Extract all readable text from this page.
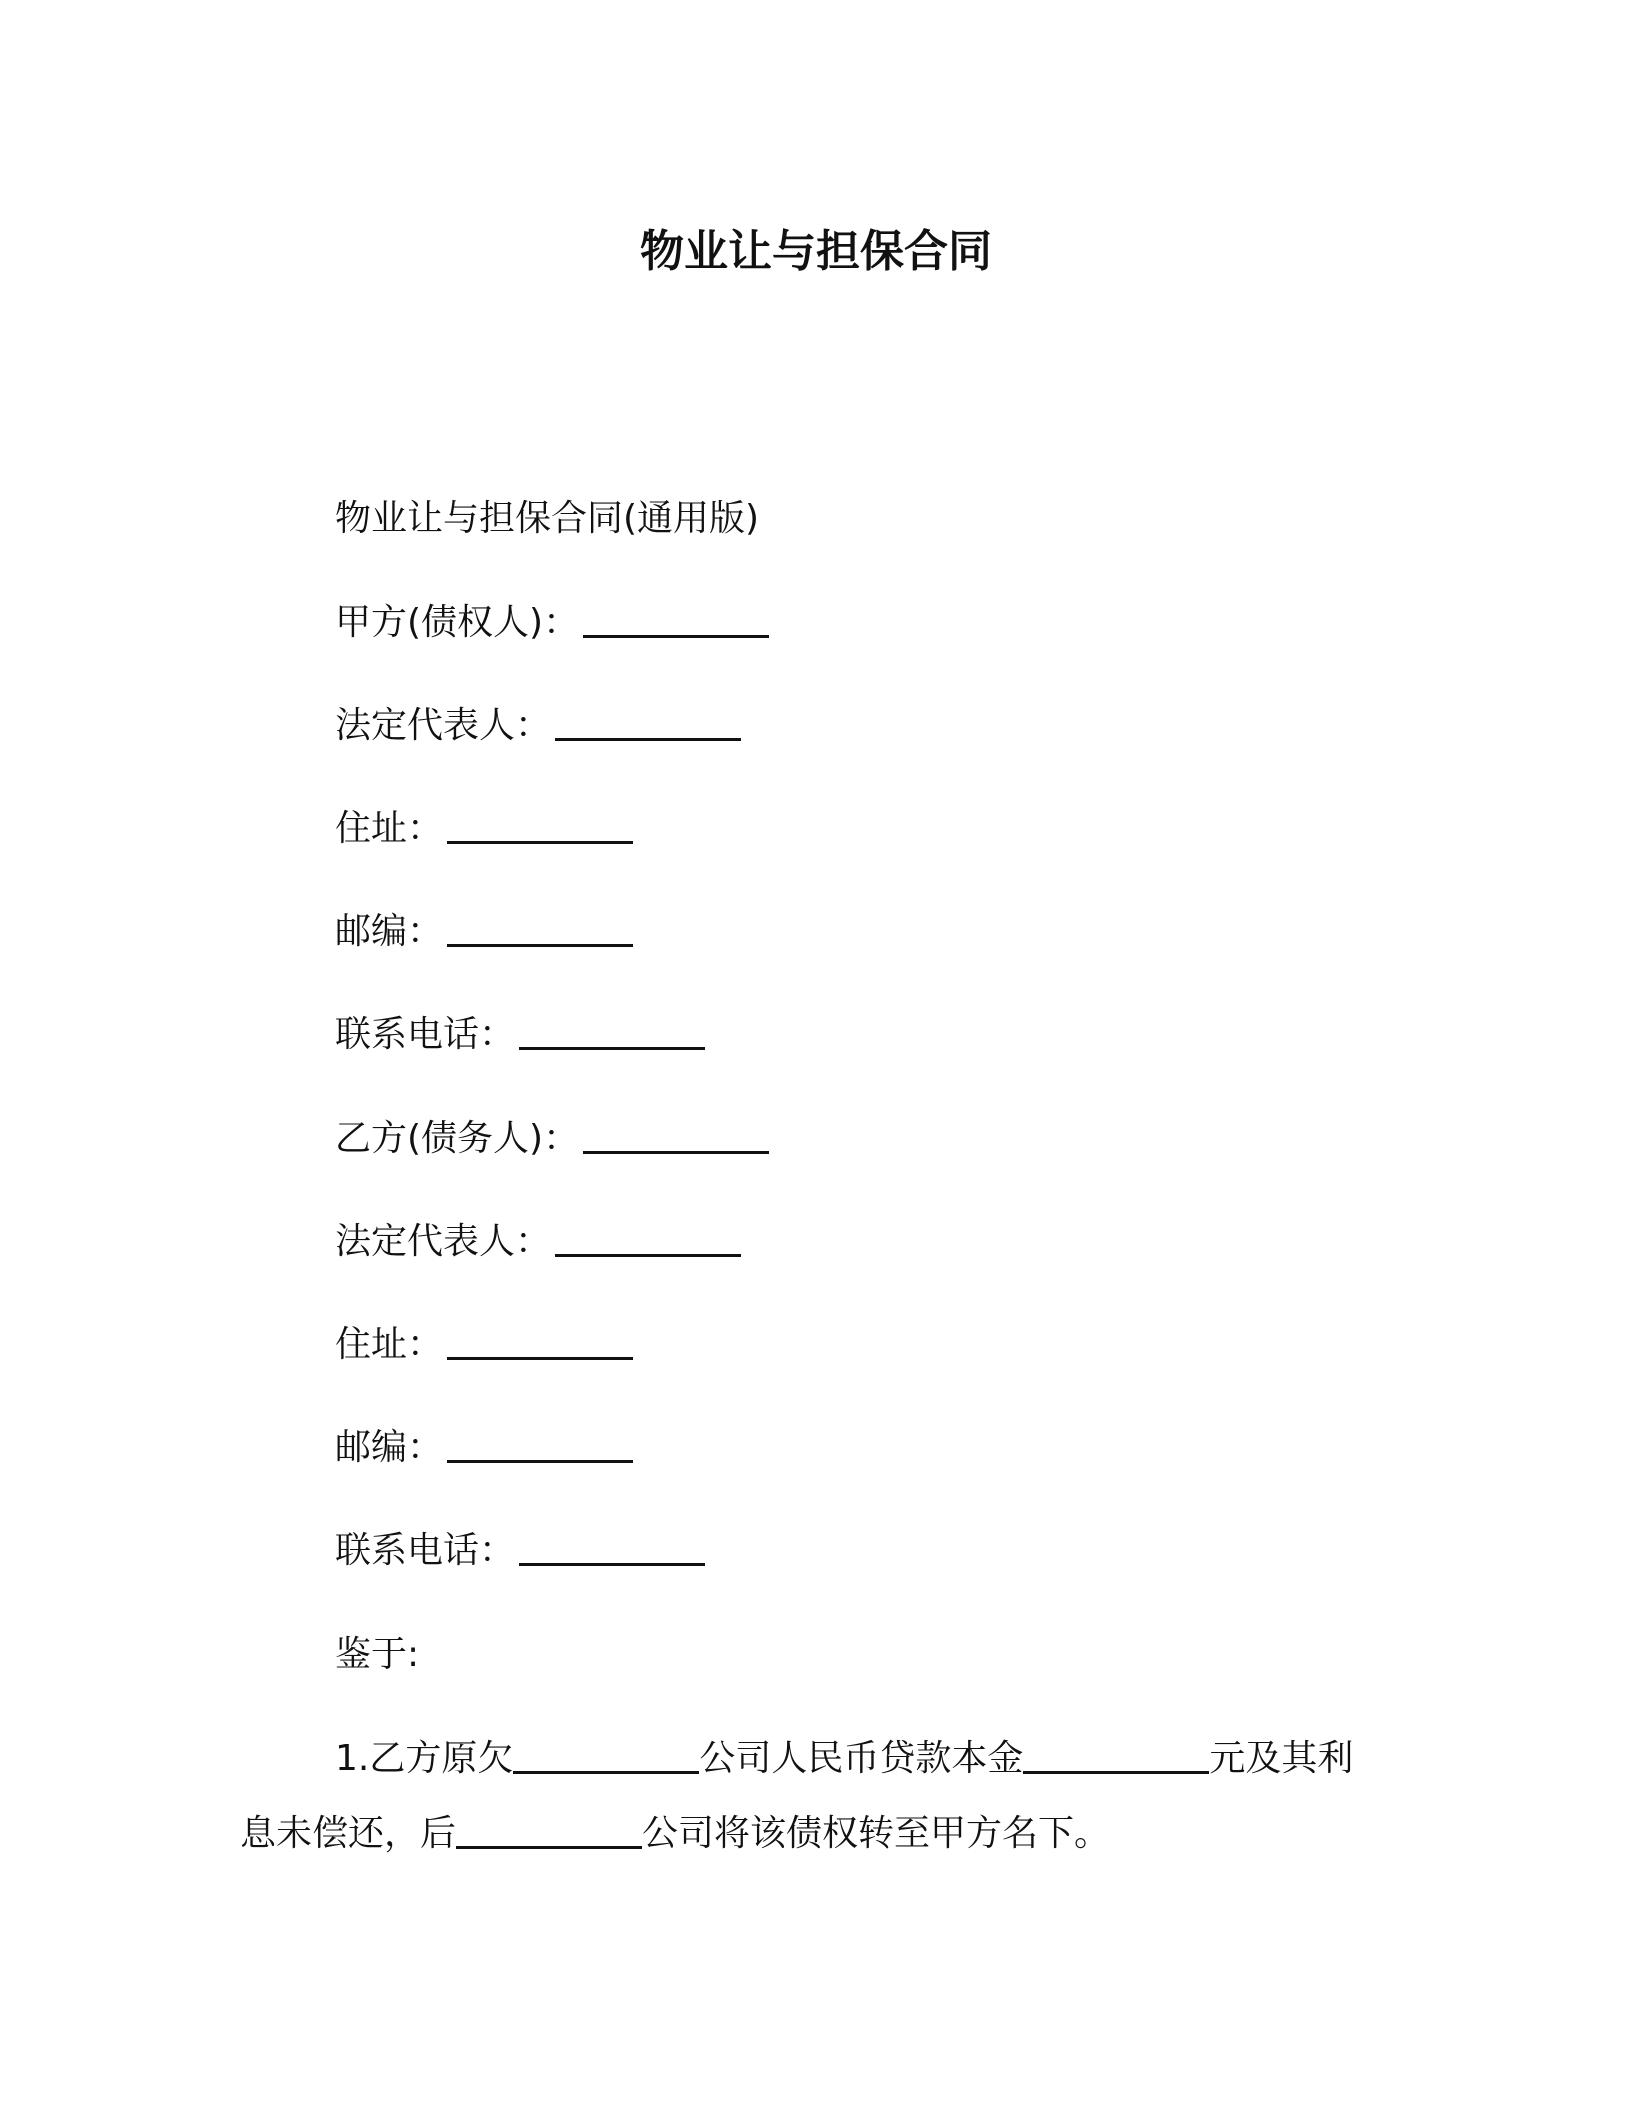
物业让与担保合同
物业让与担保合同(通用版)
甲方(债权人)：
法定代表人：
住址：
邮编：
联系电话：
乙方(债务人)：
法定代表人：
住址：
邮编：
联系电话：
鉴于:
1.乙方原欠	公司人民币贷款本金	元及其利
息未偿还，后	公司将该债权转至甲方名下。
